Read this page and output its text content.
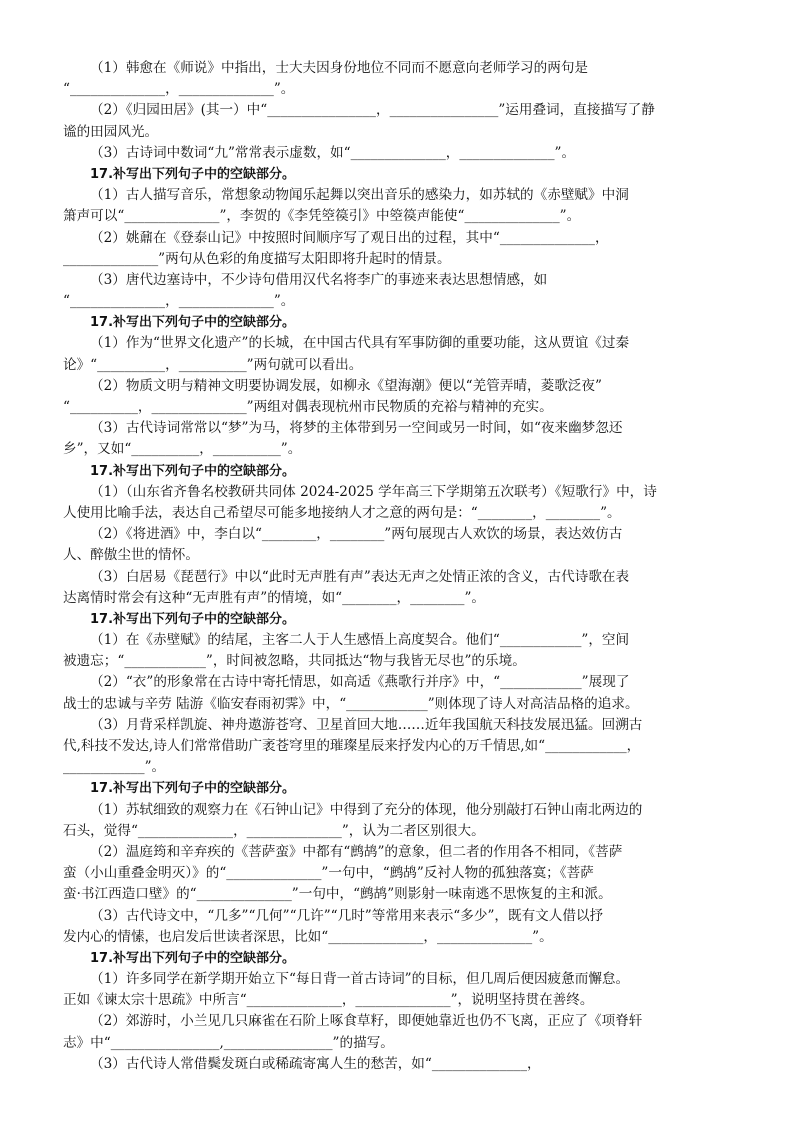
（1）韩愈在《师说》中指出，士大夫因身份地位不同而不愿意向老师学习的两句是
“______________，______________”。
（2）《归园田居》(其一）中“________________，________________”运用叠词，直接描写了静
谧的田园风光。
（3）古诗词中数词“九”常常表示虚数，如“______________，______________”。
17.补写出下列句子中的空缺部分。
（1）古人描写音乐，常想象动物闻乐起舞以突出音乐的感染力，如苏轼的《赤壁赋》中洞
箫声可以“______________”，李贺的《李凭箜篌引》中箜篌声能使“______________”。
（2）姚鼐在《登泰山记》中按照时间顺序写了观日出的过程，其中“______________，
______________”两句从色彩的角度描写太阳即将升起时的情景。
（3）唐代边塞诗中，不少诗句借用汉代名将李广的事迹来表达思想情感，如
“______________，______________”。
17.补写出下列句子中的空缺部分。
（1）作为“世界文化遗产”的长城，在中国古代具有军事防御的重要功能，这从贾谊《过秦
论》“__________，__________”两句就可以看出。
（2）物质文明与精神文明要协调发展，如柳永《望海潮》便以“羌管弄晴，菱歌泛夜”
“__________，______________”两组对偶表现杭州市民物质的充裕与精神的充实。
（3）古代诗词常常以“梦”为马，将梦的主体带到另一空间或另一时间，如“夜来幽梦忽还
乡”，又如“__________，__________”。
17.补写出下列句子中的空缺部分。
（1）（山东省齐鲁名校教研共同体 2024-2025 学年高三下学期第五次联考）《短歌行》中，诗
人使用比喻手法，表达自己希望尽可能多地接纳人才之意的两句是：“________，________”。
（2）《将进酒》中，李白以“________，________”两句展现古人欢饮的场景，表达效仿古
人、醉傲尘世的情怀。
（3）白居易《琵琶行》中以“此时无声胜有声”表达无声之处情正浓的含义，古代诗歌在表
达离情时常会有这种“无声胜有声”的情境，如“________，________”。
17.补写出下列句子中的空缺部分。
（1）在《赤壁赋》的结尾，主客二人于人生感悟上高度契合。他们“____________”，空间
被遗忘；“____________”，时间被忽略，共同抵达“物与我皆无尽也”的乐境。
（2）“衣”的形象常在古诗中寄托情思，如高适《燕歌行并序》中，“____________”展现了
战士的忠诚与辛劳 陆游《临安春雨初霁》中，“____________”则体现了诗人对高洁品格的追求。
（3）月背采样凯旋、神舟遨游苍穹、卫星首回大地……近年我国航天科技发展迅猛。回溯古
代,科技不发达,诗人们常常借助广袤苍穹里的璀璨星辰来抒发内心的万千情思,如“____________，
____________”。
17.补写出下列句子中的空缺部分。
（1）苏轼细致的观察力在《石钟山记》中得到了充分的体现，他分别敲打石钟山南北两边的
石头，觉得“______________，______________”，认为二者区别很大。
（2）温庭筠和辛弃疾的《菩萨蛮》中都有“鹧鸪”的意象，但二者的作用各不相同，《菩萨
蛮（小山重叠金明灭）》的“______________”一句中，“鹧鸪”反衬人物的孤独落寞；《菩萨
蛮·书江西造口壁》的“______________”一句中，“鹧鸪”则影射一味南逃不思恢复的主和派。
（3）古代诗文中，“几多”“几何”“几许”“几时”等常用来表示“多少”，既有文人借以抒
发内心的情愫，也启发后世读者深思，比如“______________，______________”。
17.补写出下列句子中的空缺部分。
（1）许多同学在新学期开始立下“每日背一首古诗词”的目标，但几周后便因疲惫而懈怠。
正如《谏太宗十思疏》中所言“______________，______________”，说明坚持贯在善终。
（2）郊游时，小兰见几只麻雀在石阶上啄食草籽，即便她靠近也仍不飞离，正应了《项脊轩
志》中“________________,________________”的描写。
（3）古代诗人常借鬓发斑白或稀疏寄寓人生的愁苦，如“______________，
